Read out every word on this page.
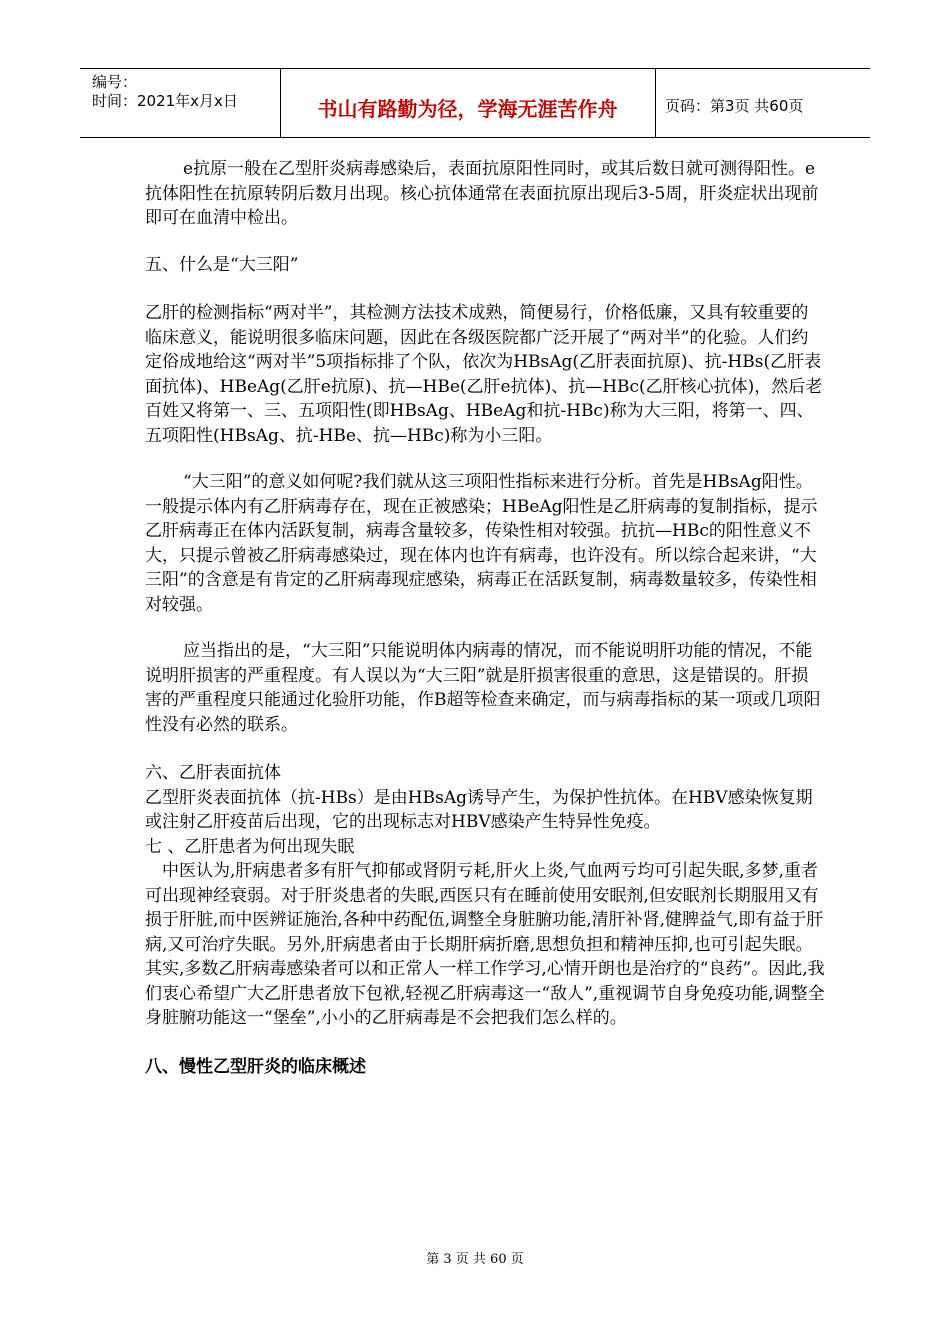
编号：
时间：2021年x月x日	书山有路勤为径，学海无涯苦作舟	页码：第3页 共60页

e抗原一般在乙型肝炎病毒感染后，表面抗原阳性同时，或其后数日就可测得阳性。e抗体阳性在抗原转阴后数月出现。核心抗体通常在表面抗原出现后3-5周，肝炎症状出现前即可在血清中检出。

五、什么是“大三阳”

乙肝的检测指标“两对半”，其检测方法技术成熟，简便易行，价格低廉，又具有较重要的临床意义，能说明很多临床问题，因此在各级医院都广泛开展了“两对半”的化验。人们约定俗成地给这“两对半”5项指标排了个队，依次为HBsAg(乙肝表面抗原)、抗-HBs(乙肝表面抗体)、HBeAg(乙肝e抗原)、抗—HBe(乙肝e抗体)、抗—HBc(乙肝核心抗体)，然后老百姓又将第一、三、五项阳性(即HBsAg、HBeAg和抗-HBc)称为大三阳，将第一、四、五项阳性(HBsAg、抗-HBe、抗—HBc)称为小三阳。

“大三阳”的意义如何呢?我们就从这三项阳性指标来进行分析。首先是HBsAg阳性。一般提示体内有乙肝病毒存在，现在正被感染；HBeAg阳性是乙肝病毒的复制指标，提示乙肝病毒正在体内活跃复制，病毒含量较多，传染性相对较强。抗抗—HBc的阳性意义不大，只提示曾被乙肝病毒感染过，现在体内也许有病毒，也许没有。所以综合起来讲，“大三阳”的含意是有肯定的乙肝病毒现症感染，病毒正在活跃复制，病毒数量较多，传染性相对较强。

应当指出的是，“大三阳”只能说明体内病毒的情况，而不能说明肝功能的情况，不能说明肝损害的严重程度。有人误以为“大三阳”就是肝损害很重的意思，这是错误的。肝损害的严重程度只能通过化验肝功能，作B超等检查来确定，而与病毒指标的某一项或几项阳性没有必然的联系。

六、乙肝表面抗体

乙型肝炎表面抗体（抗-HBs）是由HBsAg诱导产生，为保护性抗体。在HBV感染恢复期或注射乙肝疫苗后出现，它的出现标志对HBV感染产生特异性免疫。

七 、乙肝患者为何出现失眠

中医认为,肝病患者多有肝气抑郁或肾阴亏耗,肝火上炎,气血两亏均可引起失眠,多梦,重者可出现神经衰弱。对于肝炎患者的失眠,西医只有在睡前使用安眠剂,但安眠剂长期服用又有损于肝脏,而中医辨证施治,各种中药配伍,调整全身脏腑功能,清肝补肾,健脾益气,即有益于肝病,又可治疗失眠。另外,肝病患者由于长期肝病折磨,思想负担和精神压抑,也可引起失眠。其实,多数乙肝病毒感染者可以和正常人一样工作学习,心情开朗也是治疗的“良药”。因此,我们衷心希望广大乙肝患者放下包袱,轻视乙肝病毒这一“敌人”,重视调节自身免疫功能,调整全身脏腑功能这一“堡垒”,小小的乙肝病毒是不会把我们怎么样的。

八、慢性乙型肝炎的临床概述

第 3 页 共 60 页
